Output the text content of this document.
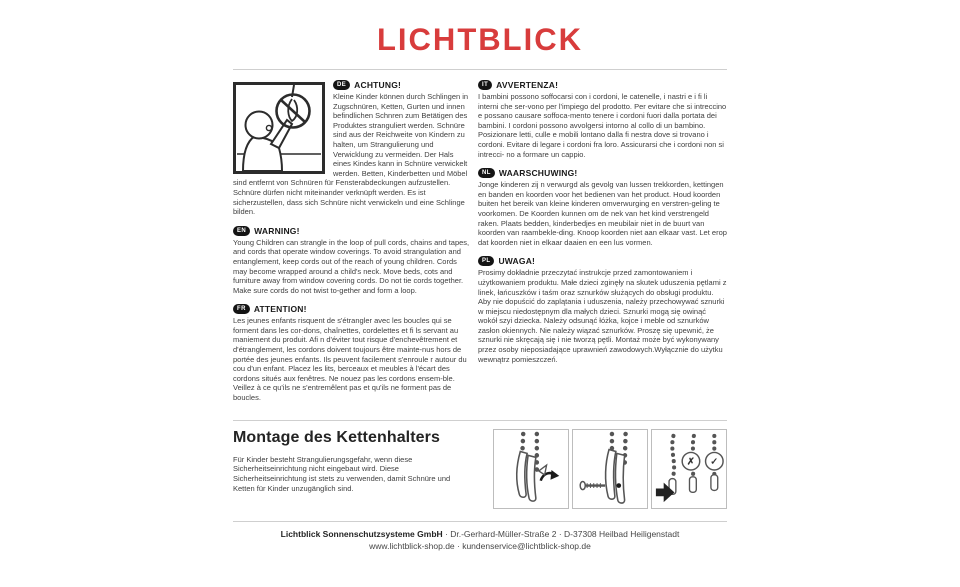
LICHTBLICK
DE ACHTUNG!
Kleine Kinder können durch Schlingen in Zugschnüren, Ketten, Gurten und innen befindlichen Schnren zum Betätigen des Produktes stranguliert werden. Schnüre sind aus der Reichweite von Kindern zu halten, um Strangulierung und Verwicklung zu vermeiden. Der Hals eines Kindes kann in Schnüre verwickelt werden. Betten, Kinderbetten und Möbel sind entfernt von Schnüren für Fensterabdeckungen aufzustellen. Schnüre dürfen nicht miteinander verknüpft werden. Es ist sicherzustellen, dass sich Schnüre nicht verwickeln und eine Schlinge bilden.
EN WARNING!
Young Children can strangle in the loop of pull cords, chains and tapes, and cords that operate window coverings. To avoid strangulation and entanglement, keep cords out of the reach of young children. Cords may become wrapped around a child's neck. Move beds, cots and furniture away from window covering cords. Do not tie cords together. Make sure cords do not twist to-gether and form a loop.
FR ATTENTION!
Les jeunes enfants risquent de s'étrangler avec les boucles qui se forment dans les cor-dons, chaînettes, cordelettes et fi ls servant au maniement du produit. Afi n d'éviter tout risque d'enchevêtrement et d'étranglement, les cordons doivent toujours être mainte-nus hors de portée des jeunes enfants. Ils peuvent facilement s'enroule r autour du cou d'un enfant. Placez les lits, berceaux et meubles à l'écart des cordons situés aux fenêtres. Ne nouez pas les cordons ensem-ble. Veillez à ce qu'ils ne s'entremêlent pas et qu'ils ne forment pas de boucles.
IT AVVERTENZA!
I bambini possono soffocarsi con i cordoni, le catenelle, i nastri e i fi li interni che ser-vono per l'impiego del prodotto. Per evitare che si intreccino e possano causare soffoca-mento tenere i cordoni fuori dalla portata dei bambini. I cordoni possono avvolgersi intorno al collo di un bambino. Posizionare letti, culle e mobili lontano dalla fi nestra dove si trovano i cordoni. Evitare di legare i cordoni fra loro. Assicurarsi che i cordoni non si intrecci- no a formare un cappio.
NL WAARSCHUWING!
Jonge kinderen zij n verwurgd als gevolg van lussen trekkorden, kettingen en banden en koorden voor het bedienen van het product. Houd koorden buiten het bereik van kleine kinderen omverwurging en verstren-geling te voorkomen. De Koorden kunnen om de nek van het kind verstrengeld raken. Plaats bedden, kinderbedjes en meubilair niet in de buurt van koorden van raambekle-ding. Knoop koorden niet aan elkaar vast. Let erop dat koorden niet in elkaar daaien en een lus vormen.
PL UWAGA!
Prosimy dokładnie przeczytać instrukcje przed zamontowaniem i użytkowaniem produktu. Małe dzieci zginęły na skutek uduszenia pętlami z linek, łańcuszków i taśm oraz sznurków służących do obsługi produktu. Aby nie dopuścić do zaplątania i uduszenia, należy przechowywać sznurki w miejscu niedostępnym dla małych dzieci. Sznurki mogą się owinąć wokół szyi dziecka. Należy odsunąć łóżka, kojce i meble od sznurków zasłon okiennych. Nie należy wiązać sznurków. Proszę się upewnić, że sznurki nie skręcają się i nie tworzą pętli. Montaż może być wykonywany przez osoby nieposiadające uprawnień zawodowych.Wyłącznie do użytku wewnątrz pomieszczeń.
Montage des Kettenhalters
Für Kinder besteht Strangulierungsgefahr, wenn diese Sicherheitseinrichtung nicht eingebaut wird. Diese Sicherheitseinrichtung ist stets zu verwenden, damit Schnüre und Ketten für Kinder unzugänglich sind.
✗ ✓
Lichtblick Sonnenschutzsysteme GmbH · Dr.-Gerhard-Müller-Straße 2 · D-37308 Heilbad Heiligenstadt
www.lichtblick-shop.de · kundenservice@lichtblick-shop.de
